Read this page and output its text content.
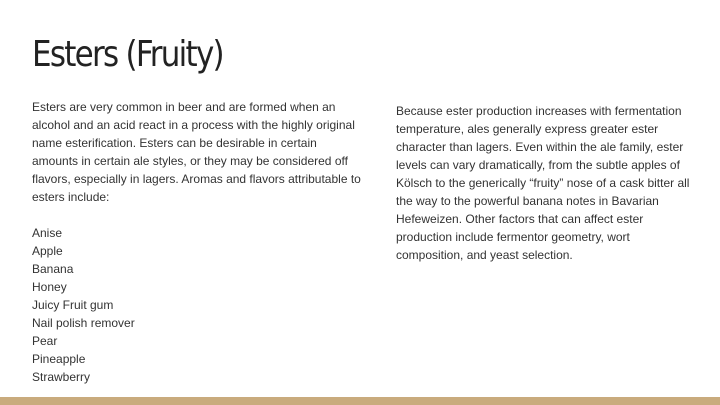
Esters (Fruity)

Esters are very common in beer and are formed when an alcohol and an acid react in a process with the highly original name esterification. Esters can be desirable in certain amounts in certain ale styles, or they may be considered off flavors, especially in lagers. Aromas and flavors attributable to esters include:

Anise
Apple
Banana
Honey
Juicy Fruit gum
Nail polish remover
Pear
Pineapple
Strawberry

Because ester production increases with fermentation temperature, ales generally express greater ester character than lagers. Even within the ale family, ester levels can vary dramatically, from the subtle apples of Kölsch to the generically “fruity” nose of a cask bitter all the way to the powerful banana notes in Bavarian Hefeweizen. Other factors that can affect ester production include fermentor geometry, wort composition, and yeast selection.
